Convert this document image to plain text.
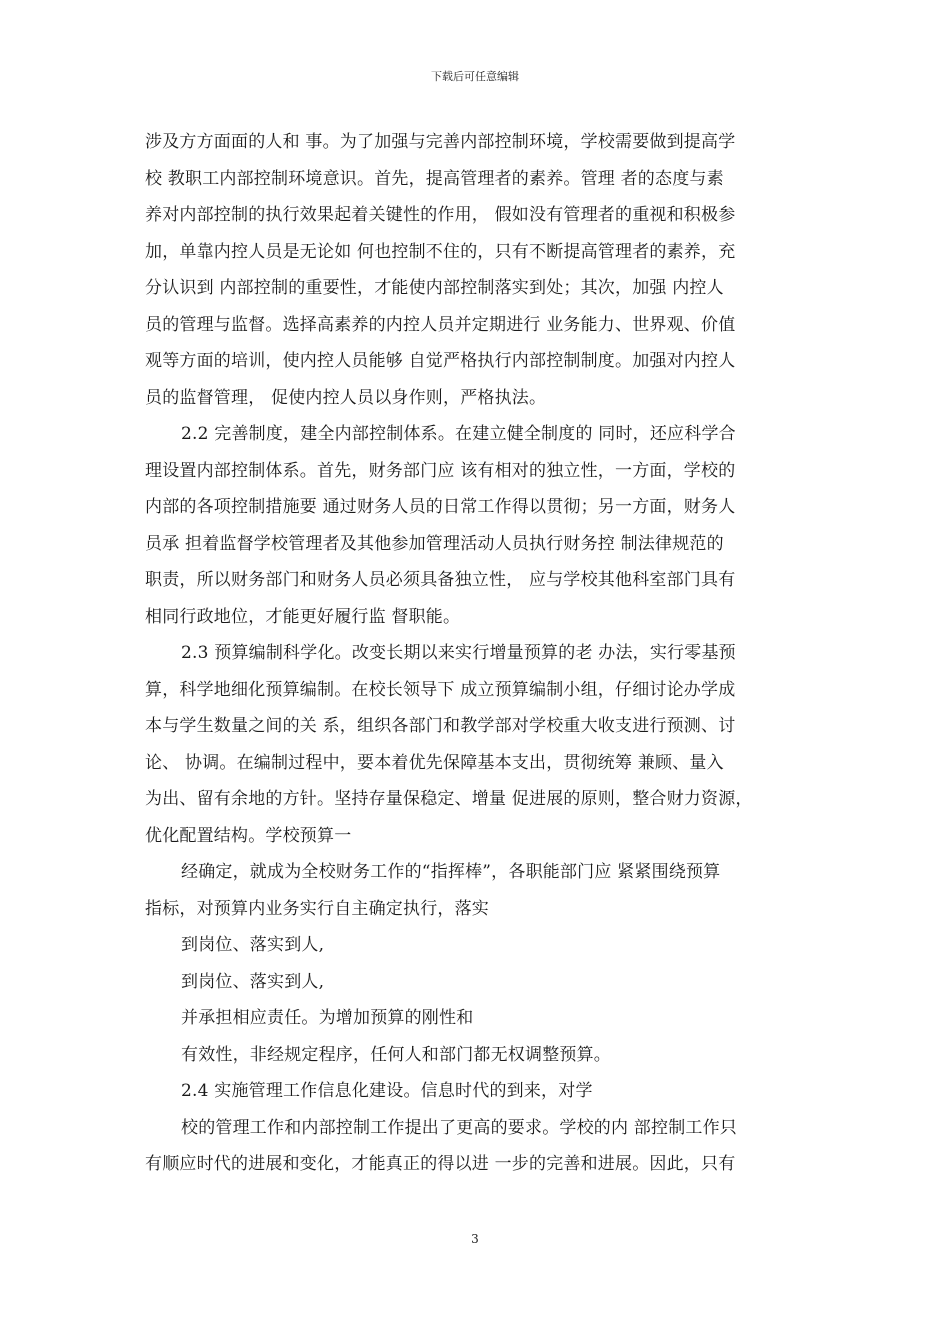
下载后可任意编辑
涉及方方面面的人和 事。为了加强与完善内部控制环境，学校需要做到提高学
校 教职工内部控制环境意识。首先，提高管理者的素养。管理 者的态度与素
养对内部控制的执行效果起着关键性的作用， 假如没有管理者的重视和积极参
加，单靠内控人员是无论如 何也控制不住的，只有不断提高管理者的素养，充
分认识到 内部控制的重要性，才能使内部控制落实到处；其次，加强 内控人
员的管理与监督。选择高素养的内控人员并定期进行 业务能力、世界观、价值
观等方面的培训，使内控人员能够 自觉严格执行内部控制制度。加强对内控人
员的监督管理， 促使内控人员以身作则，严格执法。
2.2 完善制度，建全内部控制体系。在建立健全制度的 同时，还应科学合
理设置内部控制体系。首先，财务部门应 该有相对的独立性，一方面，学校的
内部的各项控制措施要 通过财务人员的日常工作得以贯彻；另一方面，财务人
员承 担着监督学校管理者及其他参加管理活动人员执行财务控 制法律规范的
职责，所以财务部门和财务人员必须具备独立性， 应与学校其他科室部门具有
相同行政地位，才能更好履行监 督职能。
2.3 预算编制科学化。改变长期以来实行增量预算的老 办法，实行零基预
算，科学地细化预算编制。在校长领导下 成立预算编制小组，仔细讨论办学成
本与学生数量之间的关 系，组织各部门和教学部对学校重大收支进行预测、讨
论、 协调。在编制过程中，要本着优先保障基本支出，贯彻统筹 兼顾、量入
为出、留有余地的方针。坚持存量保稳定、增量 促进展的原则，整合财力资源，
优化配置结构。学校预算一
经确定，就成为全校财务工作的“指挥棒”，各职能部门应 紧紧围绕预算
指标，对预算内业务实行自主确定执行，落实
到岗位、落实到人,
到岗位、落实到人,
并承担相应责任。为增加预算的刚性和
有效性，非经规定程序，任何人和部门都无权调整预算。
2.4 实施管理工作信息化建设。信息时代的到来，对学
校的管理工作和内部控制工作提出了更高的要求。学校的内 部控制工作只
有顺应时代的进展和变化，才能真正的得以进 一步的完善和进展。因此，只有
3
